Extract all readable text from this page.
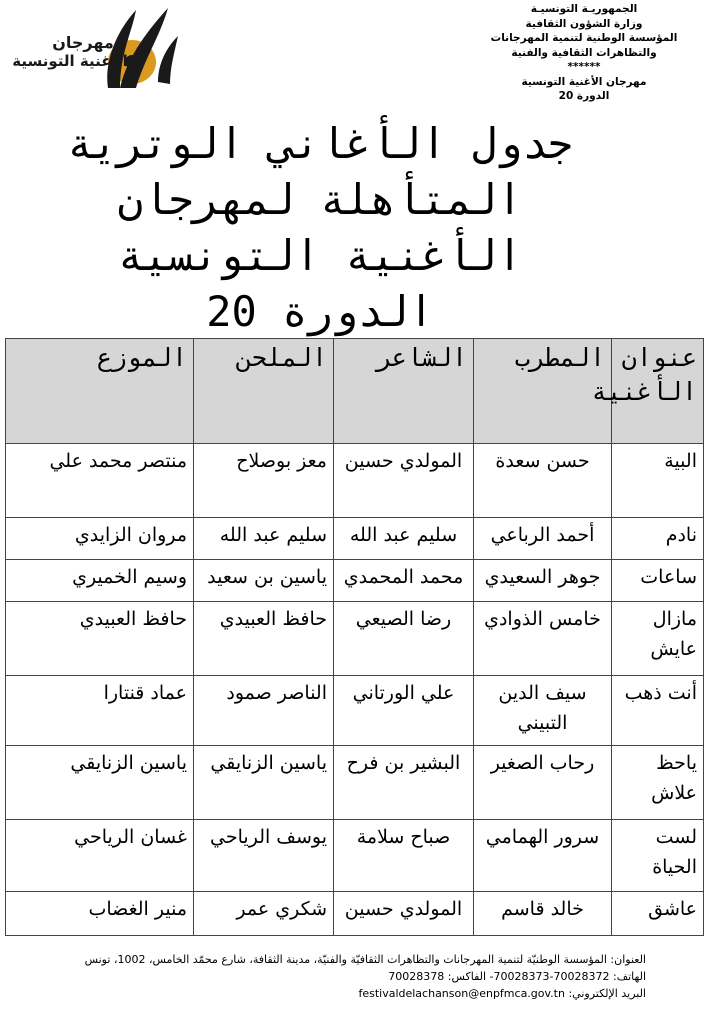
الجمهوريـة التونسيـة
وزارة الشؤون الثقافية
المؤسسة الوطنية لتنمية المهرجانات
والتظاهرات الثقافية والفنية
******
مهرجان الأغنية التونسية
الدورة 20
مهرجان
الأغنية التونسية
جدول الأغاني الوترية
المتأهلة لمهرجان
الأغنية التونسية
الدورة 20
عنوان الأغنية	المطرب	الشاعر	الملحن	الموزع
البية	حسن سعدة	المولدي حسين	معز بوصلاح	منتصر محمد علي
نادم	أحمد الرباعي	سليم عبد الله	سليم عبد الله	مروان الزايدي
ساعات	جوهر السعيدي	محمد المحمدي	ياسين بن سعيد	وسيم الخميري
مازال عايش	خامس الذوادي	رضا الصيعي	حافظ العبيدي	حافظ العبيدي
أنت ذهب	سيف الدين التبيني	علي الورتاني	الناصر صمود	عماد قنتارا
ياحظ علاش	رحاب الصغير	البشير بن فرح	ياسين الزنايقي	ياسين الزنايقي
لست الحياة	سرور الهمامي	صباح سلامة	يوسف الرياحي	غسان الرياحي
عاشق	خالد قاسم	المولدي حسين	شكري عمر	منير الغضاب
العنوان: المؤسسة الوطنيّة لتنمية المهرجانات والتظاهرات الثقافيّة والفنيّة، مدينة الثقافة، شارع محمّد الخامس، 1002، تونس
الهاتف: 70028372-70028373- الفاكس: 70028378
البريد الإلكتروني: festivaldelachanson@enpfmca.gov.tn
